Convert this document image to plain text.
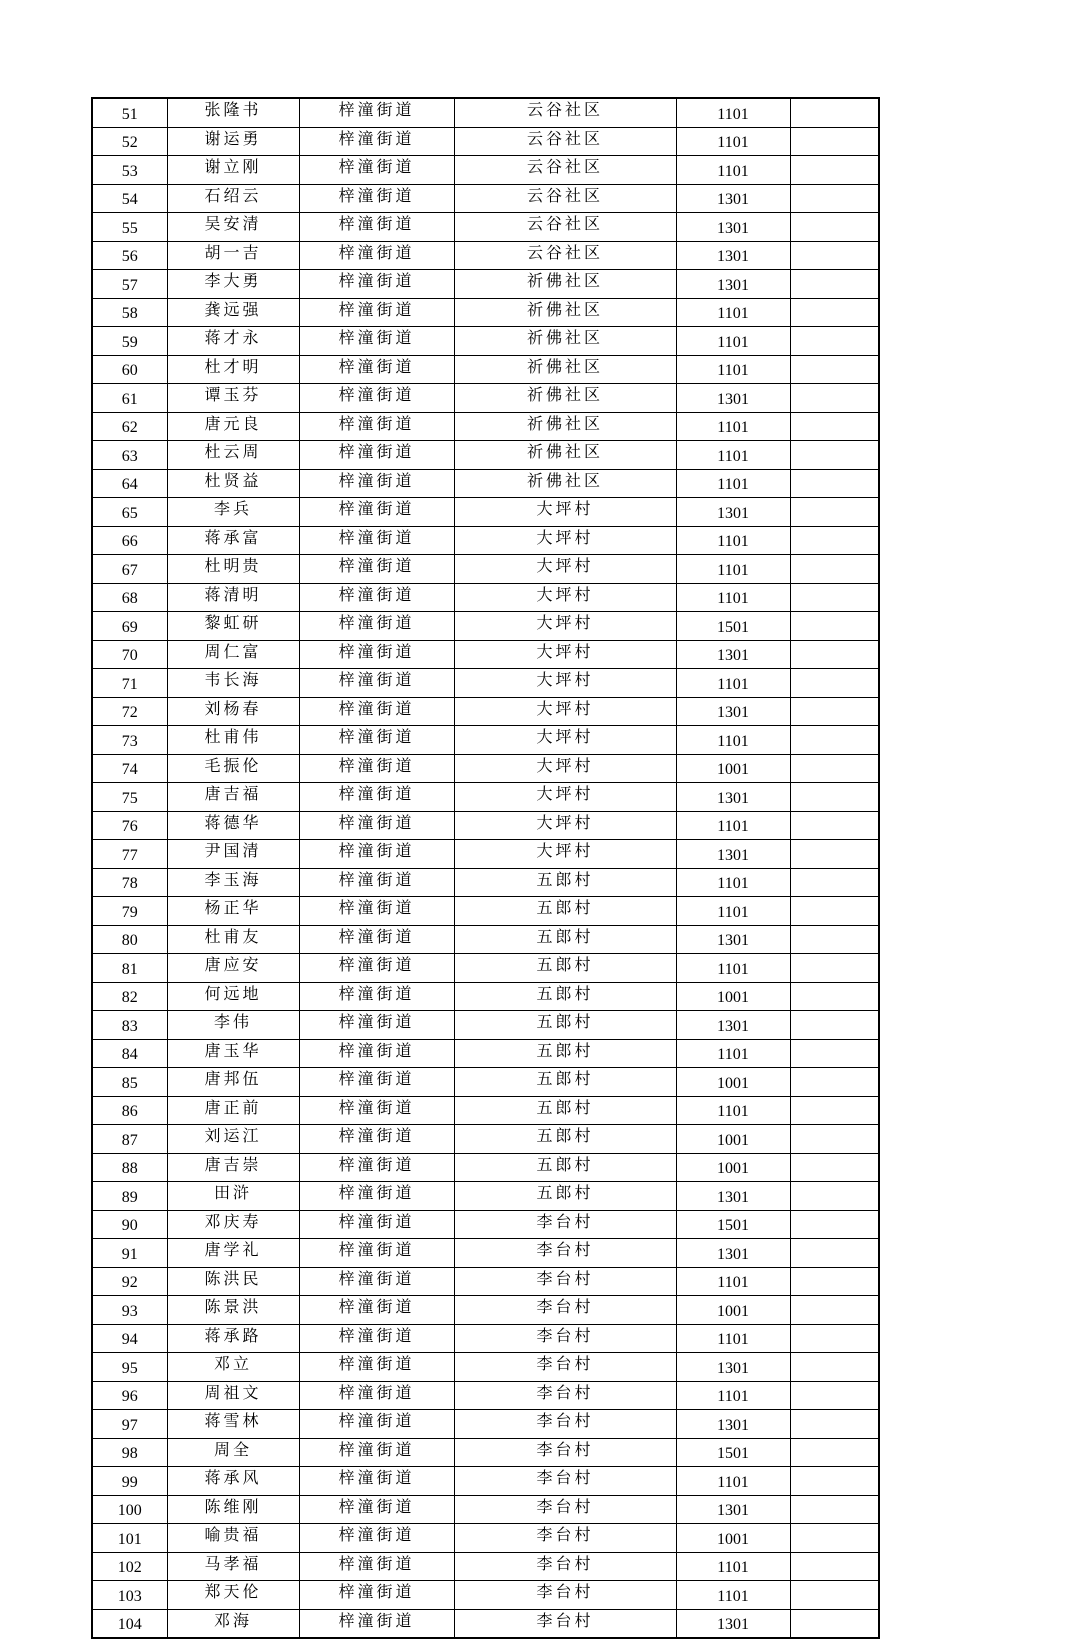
51	张隆书	梓潼街道	云谷社区	1101	
52	谢运勇	梓潼街道	云谷社区	1101	
53	谢立刚	梓潼街道	云谷社区	1101	
54	石绍云	梓潼街道	云谷社区	1301	
55	吴安清	梓潼街道	云谷社区	1301	
56	胡一吉	梓潼街道	云谷社区	1301	
57	李大勇	梓潼街道	祈佛社区	1301	
58	龚远强	梓潼街道	祈佛社区	1101	
59	蒋才永	梓潼街道	祈佛社区	1101	
60	杜才明	梓潼街道	祈佛社区	1101	
61	谭玉芬	梓潼街道	祈佛社区	1301	
62	唐元良	梓潼街道	祈佛社区	1101	
63	杜云周	梓潼街道	祈佛社区	1101	
64	杜贤益	梓潼街道	祈佛社区	1101	
65	李兵	梓潼街道	大坪村	1301	
66	蒋承富	梓潼街道	大坪村	1101	
67	杜明贵	梓潼街道	大坪村	1101	
68	蒋清明	梓潼街道	大坪村	1101	
69	黎虹研	梓潼街道	大坪村	1501	
70	周仁富	梓潼街道	大坪村	1301	
71	韦长海	梓潼街道	大坪村	1101	
72	刘杨春	梓潼街道	大坪村	1301	
73	杜甫伟	梓潼街道	大坪村	1101	
74	毛振伦	梓潼街道	大坪村	1001	
75	唐吉福	梓潼街道	大坪村	1301	
76	蒋德华	梓潼街道	大坪村	1101	
77	尹国清	梓潼街道	大坪村	1301	
78	李玉海	梓潼街道	五郎村	1101	
79	杨正华	梓潼街道	五郎村	1101	
80	杜甫友	梓潼街道	五郎村	1301	
81	唐应安	梓潼街道	五郎村	1101	
82	何远地	梓潼街道	五郎村	1001	
83	李伟	梓潼街道	五郎村	1301	
84	唐玉华	梓潼街道	五郎村	1101	
85	唐邦伍	梓潼街道	五郎村	1001	
86	唐正前	梓潼街道	五郎村	1101	
87	刘运江	梓潼街道	五郎村	1001	
88	唐吉崇	梓潼街道	五郎村	1001	
89	田浒	梓潼街道	五郎村	1301	
90	邓庆寿	梓潼街道	李台村	1501	
91	唐学礼	梓潼街道	李台村	1301	
92	陈洪民	梓潼街道	李台村	1101	
93	陈景洪	梓潼街道	李台村	1001	
94	蒋承路	梓潼街道	李台村	1101	
95	邓立	梓潼街道	李台村	1301	
96	周祖文	梓潼街道	李台村	1101	
97	蒋雪林	梓潼街道	李台村	1301	
98	周全	梓潼街道	李台村	1501	
99	蒋承风	梓潼街道	李台村	1101	
100	陈维刚	梓潼街道	李台村	1301	
101	喻贵福	梓潼街道	李台村	1001	
102	马孝福	梓潼街道	李台村	1101	
103	郑天伦	梓潼街道	李台村	1101	
104	邓海	梓潼街道	李台村	1301	
